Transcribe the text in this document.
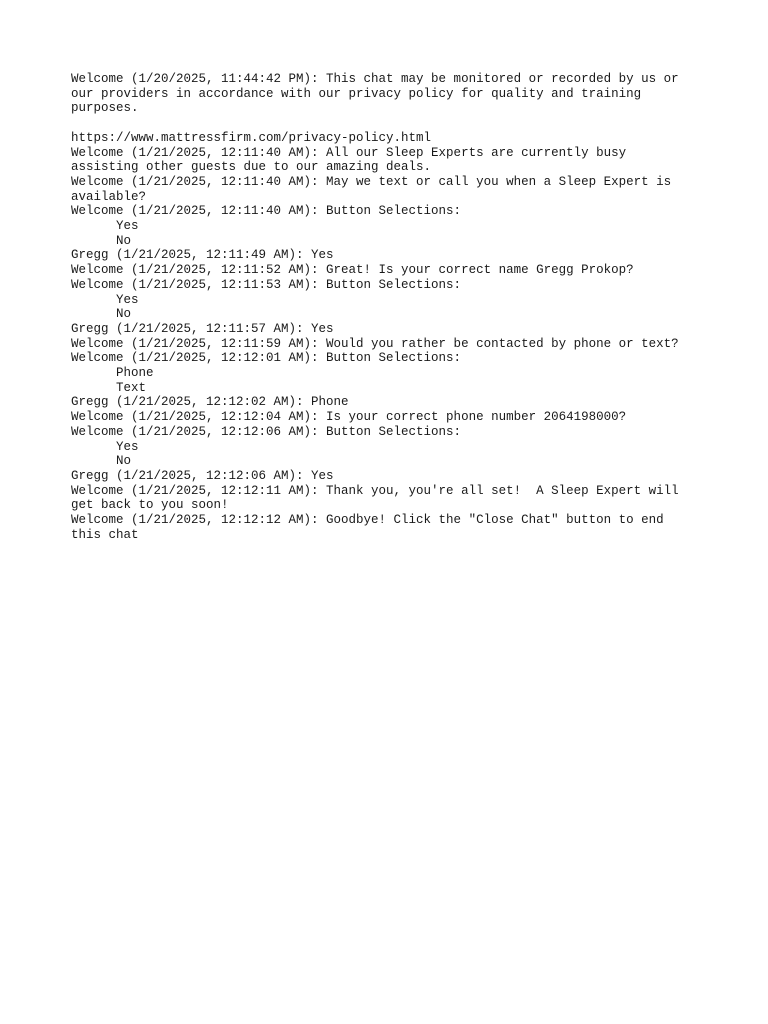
Welcome (1/20/2025, 11:44:42 PM): This chat may be monitored or recorded by us or our providers in accordance with our privacy policy for quality and training purposes.
https://www.mattressfirm.com/privacy-policy.html
Welcome (1/21/2025, 12:11:40 AM): All our Sleep Experts are currently busy assisting other guests due to our amazing deals.
Welcome (1/21/2025, 12:11:40 AM): May we text or call you when a Sleep Expert is available?
Welcome (1/21/2025, 12:11:40 AM): Button Selections:
Yes
No
Gregg (1/21/2025, 12:11:49 AM): Yes
Welcome (1/21/2025, 12:11:52 AM): Great! Is your correct name Gregg Prokop?
Welcome (1/21/2025, 12:11:53 AM): Button Selections:
Yes
No
Gregg (1/21/2025, 12:11:57 AM): Yes
Welcome (1/21/2025, 12:11:59 AM): Would you rather be contacted by phone or text?
Welcome (1/21/2025, 12:12:01 AM): Button Selections:
Phone
Text
Gregg (1/21/2025, 12:12:02 AM): Phone
Welcome (1/21/2025, 12:12:04 AM): Is your correct phone number 2064198000?
Welcome (1/21/2025, 12:12:06 AM): Button Selections:
Yes
No
Gregg (1/21/2025, 12:12:06 AM): Yes
Welcome (1/21/2025, 12:12:11 AM): Thank you, you're all set!  A Sleep Expert will get back to you soon!
Welcome (1/21/2025, 12:12:12 AM): Goodbye! Click the "Close Chat" button to end this chat
